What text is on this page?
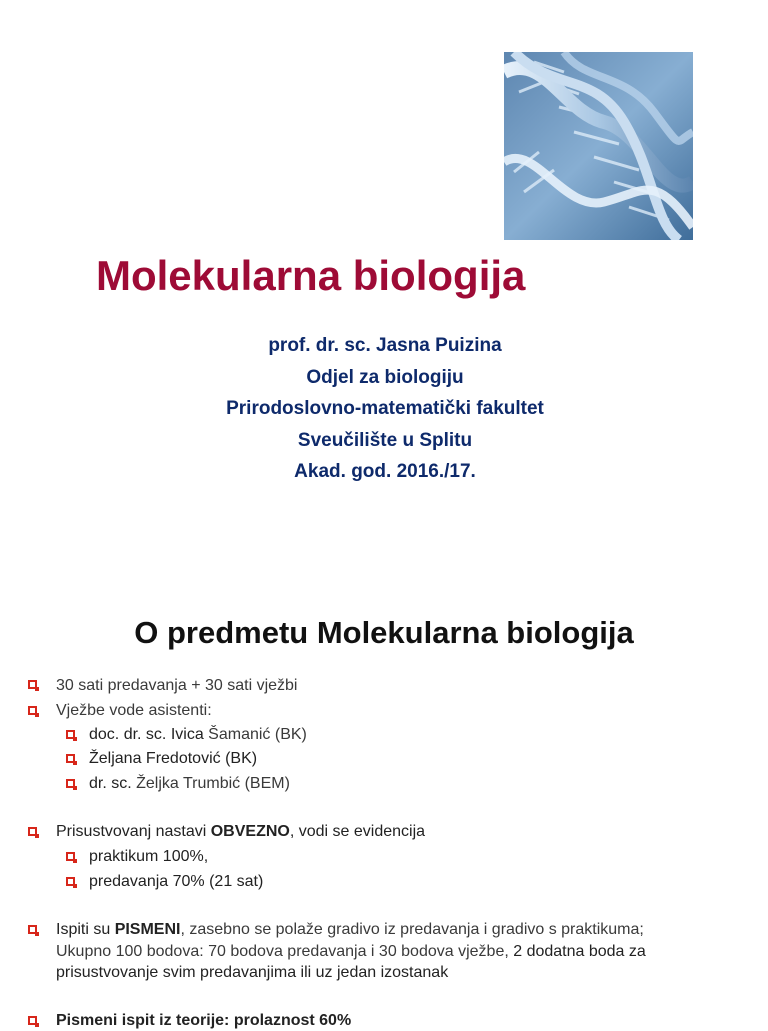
Molekularna biologija
prof. dr. sc. Jasna Puizina
Odjel za biologiju
Prirodoslovno-matematički fakultet
Sveučilište u Splitu
Akad. god. 2016./17.
O predmetu Molekularna biologija
30 sati predavanja + 30 sati vježbi
Vježbe vode asistenti:
doc. dr. sc. Ivica Šamanić (BK)
Željana Fredotović (BK)
dr. sc. Željka Trumbić (BEM)
Prisustvovanj nastavi OBVEZNO, vodi se evidencija
praktikum 100%,
predavanja 70% (21 sat)
Ispiti su PISMENI, zasebno se polaže gradivo iz predavanja i gradivo s praktikuma;
Ukupno 100 bodova: 70 bodova predavanja i 30 bodova vježbe, 2 dodatna boda za
prisustvovanje svim predavanjima ili uz jedan izostanak
Pismeni ispit iz teorije: prolaznost 60%
